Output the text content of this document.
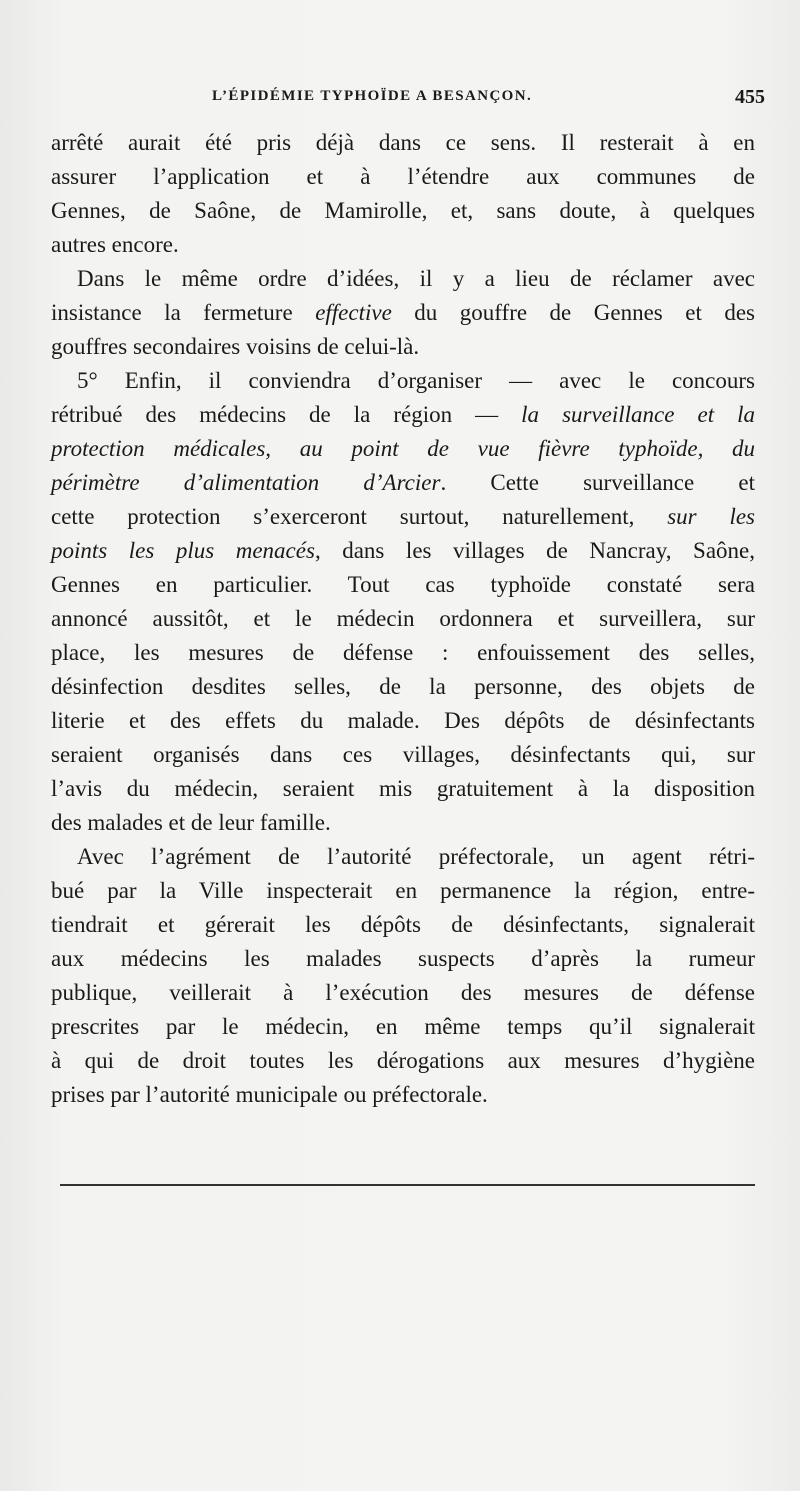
L’ÉPIDÉMIE TYPHOÏDE A BESANÇON.	455
arrêté aurait été pris déjà dans ce sens. Il resterait à en
assurer l’application et à l’étendre aux communes de
Gennes, de Saône, de Mamirolle, et, sans doute, à quelques
autres encore.
Dans le même ordre d’idées, il y a lieu de réclamer avec
insistance la fermeture effective du gouffre de Gennes et des
gouffres secondaires voisins de celui-là.
5° Enfin, il conviendra d’organiser — avec le concours
rétribué des médecins de la région — la surveillance et la
protection médicales, au point de vue fièvre typhoïde, du
périmètre d’alimentation d’Arcier. Cette surveillance et
cette protection s’exerceront surtout, naturellement, sur les
points les plus menacés, dans les villages de Nancray, Saône,
Gennes en particulier. Tout cas typhoïde constaté sera
annoncé aussitôt, et le médecin ordonnera et surveillera, sur
place, les mesures de défense : enfouissement des selles,
désinfection desdites selles, de la personne, des objets de
literie et des effets du malade. Des dépôts de désinfectants
seraient organisés dans ces villages, désinfectants qui, sur
l’avis du médecin, seraient mis gratuitement à la disposition
des malades et de leur famille.
Avec l’agrément de l’autorité préfectorale, un agent rétri-
bué par la Ville inspecterait en permanence la région, entre-
tiendrait et gérerait les dépôts de désinfectants, signalerait
aux médecins les malades suspects d’après la rumeur
publique, veillerait à l’exécution des mesures de défense
prescrites par le médecin, en même temps qu’il signalerait
à qui de droit toutes les dérogations aux mesures d’hygiène
prises par l’autorité municipale ou préfectorale.
